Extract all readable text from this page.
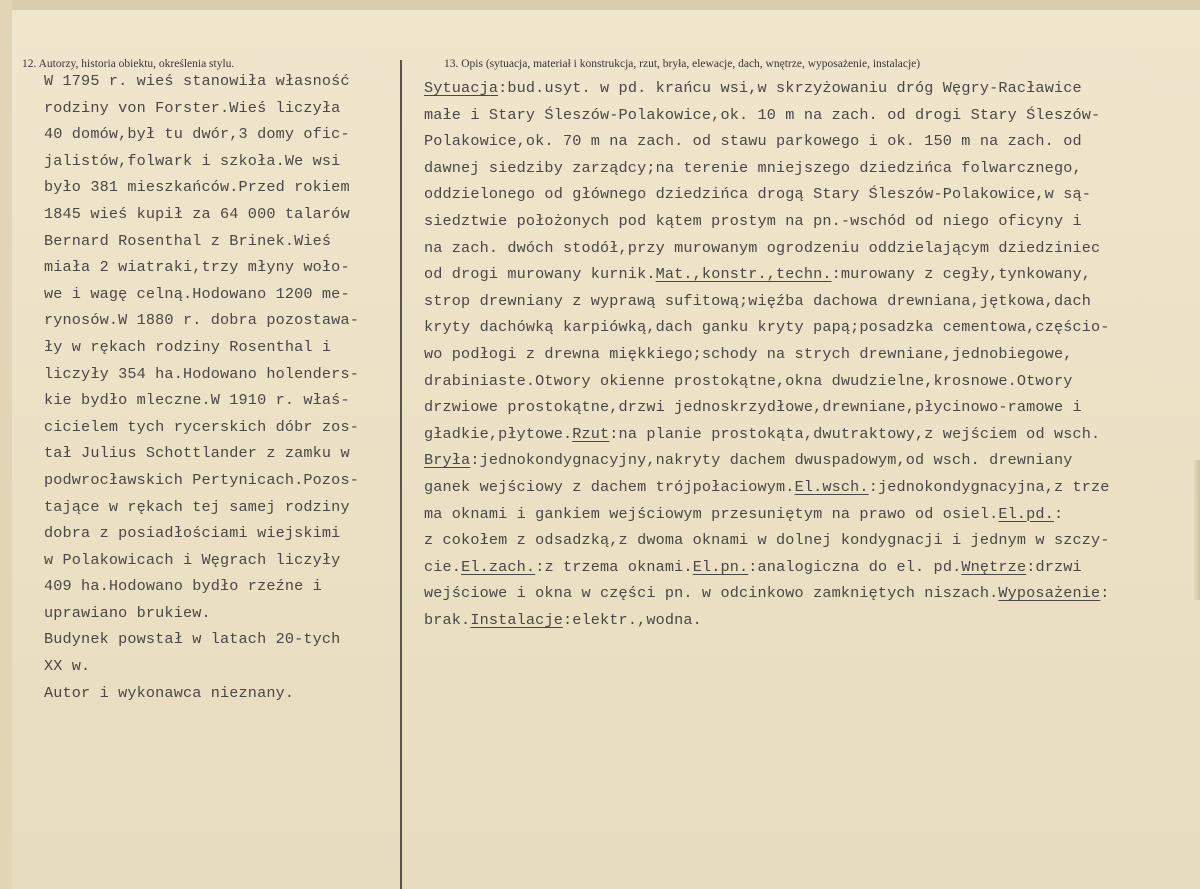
12. Autorzy, historia obiektu, określenia stylu.	13. Opis (sytuacja, materiał i konstrukcja, rzut, bryła, elewacje, dach, wnętrze, wyposażenie, instalacje)
W 1795 r. wieś stanowiła własność
rodziny von Forster.Wieś liczyła
40 domów,był tu dwór,3 domy ofic-
jalistów,folwark i szkoła.We wsi
było 381 mieszkańców.Przed rokiem
1845 wieś kupił za 64 000 talarów
Bernard Rosenthal z Brinek.Wieś
miała 2 wiatraki,trzy młyny woło-
we i wagę celną.Hodowano 1200 me-
rynosów.W 1880 r. dobra pozostawa-
ły w rękach rodziny Rosenthal i
liczyły 354 ha.Hodowano holenders-
kie bydło mleczne.W 1910 r. właś-
cicielem tych rycerskich dóbr zos-
tał Julius Schottlander z zamku w
podwrocławskich Pertynicach.Pozos-
tające w rękach tej samej rodziny
dobra z posiadłościami wiejskimi
w Polakowicach i Węgrach liczyły
409 ha.Hodowano bydło rzeźne i
uprawiano brukiew.
Budynek powstał w latach 20-tych
XX w.
Autor i wykonawca nieznany.
Sytuacja:bud.usyt. w pd. krańcu wsi,w skrzyżowaniu dróg Węgry-Racławice
małe i Stary Śleszów-Polakowice,ok. 10 m na zach. od drogi Stary Śleszów-
Polakowice,ok. 70 m na zach. od stawu parkowego i ok. 150 m na zach. od
dawnej siedziby zarządcy;na terenie mniejszego dziedzińca folwarcznego,
oddzielonego od głównego dziedzińca drogą Stary Śleszów-Polakowice,w są-
siedztwie położonych pod kątem prostym na pn.-wschód od niego oficyny i
na zach. dwóch stodół,przy murowanym ogrodzeniu oddzielającym dziedziniec
od drogi murowany kurnik.Mat.,konstr.,techn.:murowany z cegły,tynkowany,
strop drewniany z wyprawą sufitową;więźba dachowa drewniana,jętkowa,dach
kryty dachówką karpiówką,dach ganku kryty papą;posadzka cementowa,częścio-
wo podłogi z drewna miękkiego;schody na strych drewniane,jednobiegowe,
drabiniaste.Otwory okienne prostokątne,okna dwudzielne,krosnowe.Otwory
drzwiowe prostokątne,drzwi jednoskrzydłowe,drewniane,płycinowo-ramowe i
gładkie,płytowe.Rzut:na planie prostokąta,dwutraktowy,z wejściem od wsch.
Bryła:jednokondygnacyjny,nakryty dachem dwuspadowym,od wsch. drewniany
ganek wejściowy z dachem trójpołaciowym.El.wsch.:jednokondygnacyjna,z trze
ma oknami i gankiem wejściowym przesuniętym na prawo od osiel.El.pd.:
z cokołem z odsadzką,z dwoma oknami w dolnej kondygnacji i jednym w szczy-
cie.El.zach.:z trzema oknami.El.pn.:analogiczna do el. pd.Wnętrze:drzwi
wejściowe i okna w części pn. w odcinkowo zamkniętych niszach.Wyposażenie:
brak.Instalacje:elektr.,wodna.
